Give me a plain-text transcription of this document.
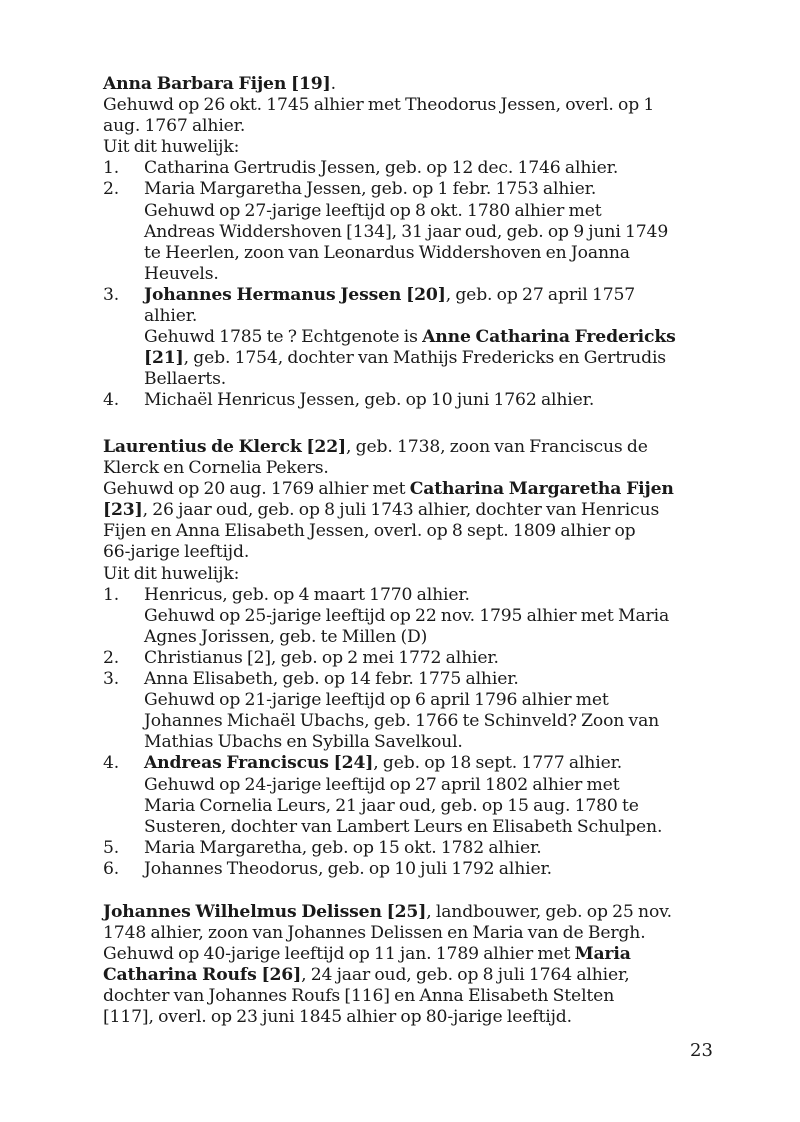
Anna Barbara Fijen [19].
Gehuwd op 26 okt. 1745 alhier met Theodorus Jessen, overl. op 1
aug. 1767 alhier.
Uit dit huwelijk:
1. Catharina Gertrudis Jessen, geb. op 12 dec. 1746 alhier.
2. Maria Margaretha Jessen, geb. op 1 febr. 1753 alhier.
Gehuwd op 27-jarige leeftijd op 8 okt. 1780 alhier met
Andreas Widdershoven [134], 31 jaar oud, geb. op 9 juni 1749
te Heerlen, zoon van Leonardus Widdershoven en Joanna
Heuvels.
3. Johannes Hermanus Jessen [20], geb. op 27 april 1757
alhier.
Gehuwd 1785 te ? Echtgenote is Anne Catharina Fredericks
[21], geb. 1754, dochter van Mathijs Fredericks en Gertrudis
Bellaerts.
4. Michaël Henricus Jessen, geb. op 10 juni 1762 alhier.
Laurentius de Klerck [22], geb. 1738, zoon van Franciscus de
Klerck en Cornelia Pekers.
Gehuwd op 20 aug. 1769 alhier met Catharina Margaretha Fijen
[23], 26 jaar oud, geb. op 8 juli 1743 alhier, dochter van Henricus
Fijen en Anna Elisabeth Jessen, overl. op 8 sept. 1809 alhier op
66-jarige leeftijd.
Uit dit huwelijk:
1. Henricus, geb. op 4 maart 1770 alhier.
Gehuwd op 25-jarige leeftijd op 22 nov. 1795 alhier met Maria
Agnes Jorissen, geb. te Millen (D)
2. Christianus [2], geb. op 2 mei 1772 alhier.
3. Anna Elisabeth, geb. op 14 febr. 1775 alhier.
Gehuwd op 21-jarige leeftijd op 6 april 1796 alhier met
Johannes Michaël Ubachs, geb. 1766 te Schinveld? Zoon van
Mathias Ubachs en Sybilla Savelkoul.
4. Andreas Franciscus [24], geb. op 18 sept. 1777 alhier.
Gehuwd op 24-jarige leeftijd op 27 april 1802 alhier met
Maria Cornelia Leurs, 21 jaar oud, geb. op 15 aug. 1780 te
Susteren, dochter van Lambert Leurs en Elisabeth Schulpen.
5. Maria Margaretha, geb. op 15 okt. 1782 alhier.
6. Johannes Theodorus, geb. op 10 juli 1792 alhier.
Johannes Wilhelmus Delissen [25], landbouwer, geb. op 25 nov.
1748 alhier, zoon van Johannes Delissen en Maria van de Bergh.
Gehuwd op 40-jarige leeftijd op 11 jan. 1789 alhier met Maria
Catharina Roufs [26], 24 jaar oud, geb. op 8 juli 1764 alhier,
dochter van Johannes Roufs [116] en Anna Elisabeth Stelten
[117], overl. op 23 juni 1845 alhier op 80-jarige leeftijd.
23
